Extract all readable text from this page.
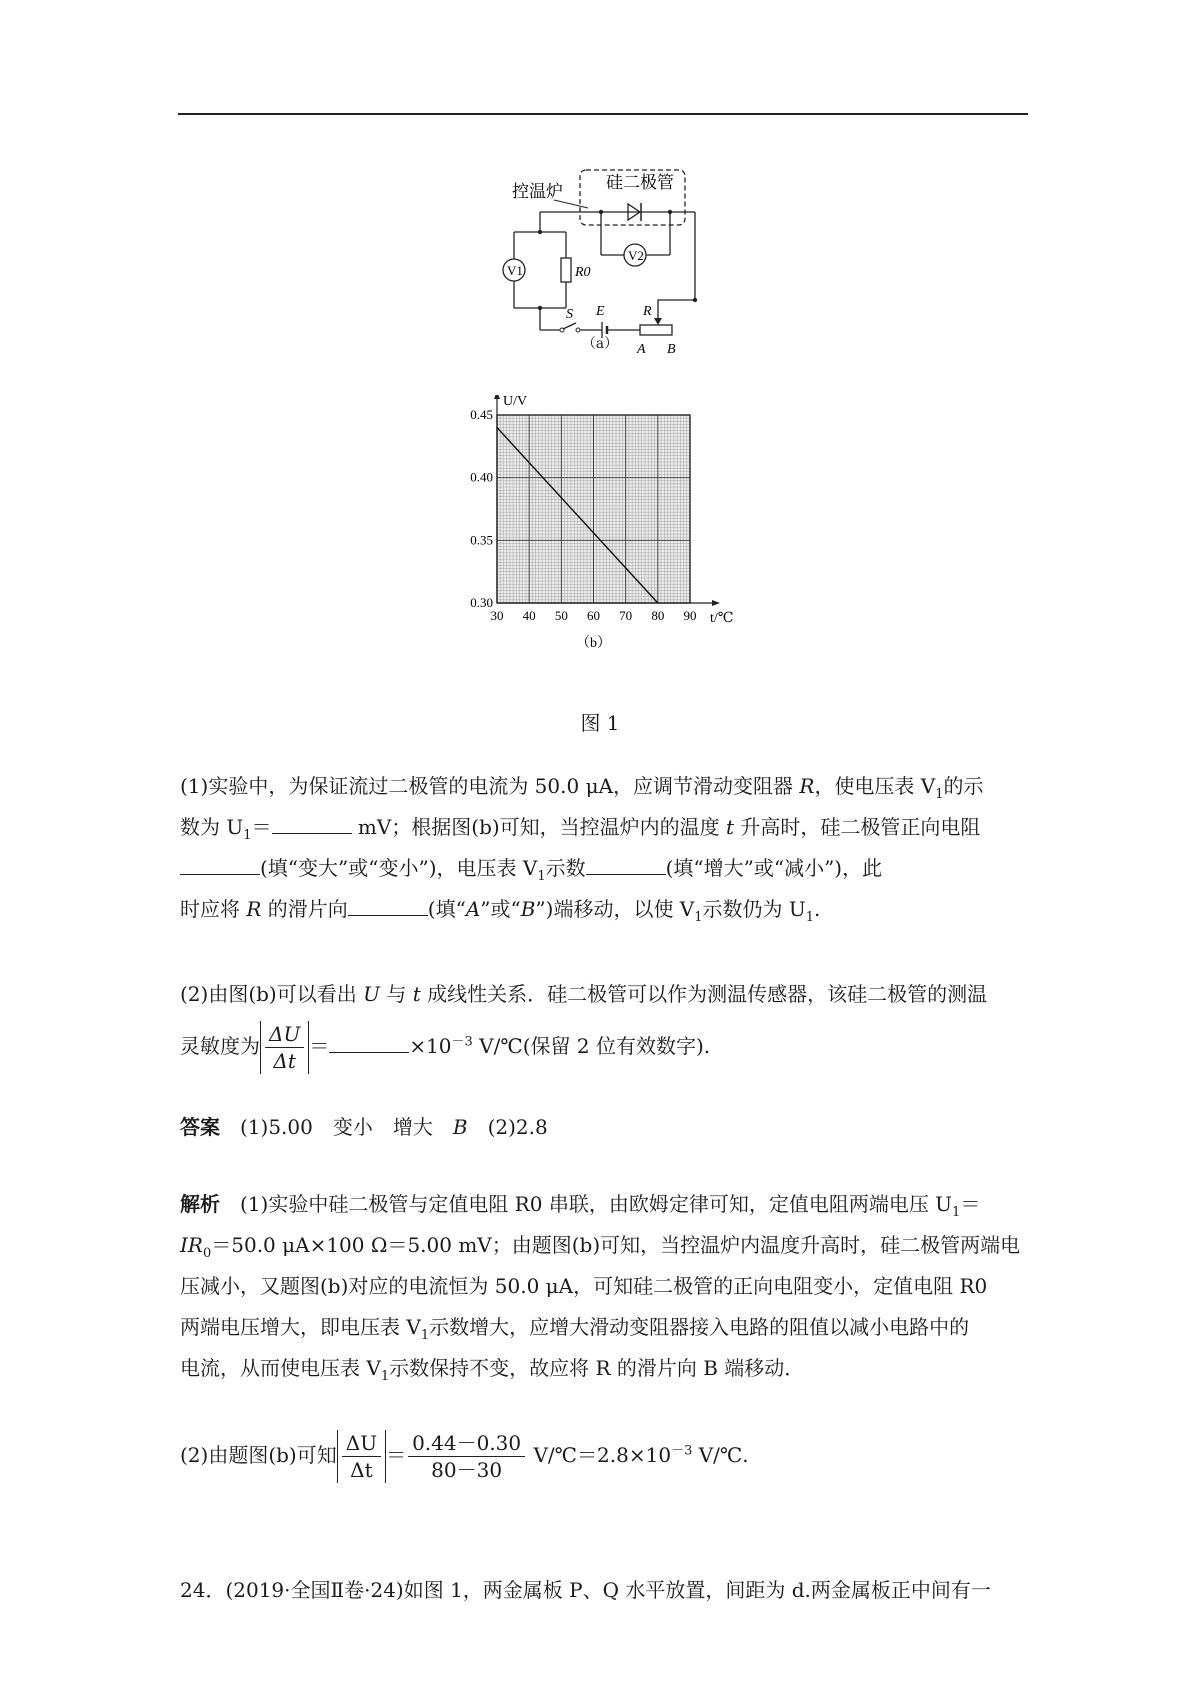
硅二极管
控温炉
V2
V1	R0
S E	R
A B
（a）
30 40 50 60 70 80 90
0.30
0.35
0.40
0.45
t/℃
U/V
（b）
图 1
(1)实验中，为保证流过二极管的电流为 50.0 μA，应调节滑动变阻器 R，使电压表 $V_1$的示
数为 $U_1=$	mV；根据图(b)可知，当控温炉内的温度 t 升高时，硅二极管正向电阻
(填“变大”或“变小”)，电压表 $V_1$示数	(填“增大”或“减小”)，此
时应将 R 的滑片向	(填“A”或“B”)端移动，以使 $V_1$示数仍为 $U_1$.
(2)由图(b)可以看出 U 与 t 成线性关系．硅二极管可以作为测温传感器，该硅二极管的测温
灵敏度为 $\frac{\Delta U}{\Delta t}$ ＝	$\times 10^{-3}$ V/℃(保留 2 位有效数字).
答案　 (1)5.00　变小　增大　B　(2)2.8
解析　 (1)实验中硅二极管与定值电阻 R0 串联，由欧姆定律可知，定值电阻两端电压 $U_1=$
$IR_0=50.0$ μA×100 Ω＝5.00 mV；由题图(b)可知，当控温炉内温度升高时，硅二极管两端电
压减小，又题图(b)对应的电流恒为 50.0 μA，可知硅二极管的正向电阻变小，定值电阻 R0
两端电压增大，即电压表 $V_1$示数增大，应增大滑动变阻器接入电路的阻值以减小电路中的
电流，从而使电压表 $V_1$示数保持不变，故应将 R 的滑片向 B 端移动．
(2)由题图(b)可知 $\frac{\Delta U}{\Delta t} = \frac{0.44-0.30}{80-30}$ $V/℃=2.8\times 10^{-3}$ V/℃.
24．(2019·全国Ⅱ卷·24)如图 1，两金属板 P、Q 水平放置，间距为 d.两金属板正中间有一
